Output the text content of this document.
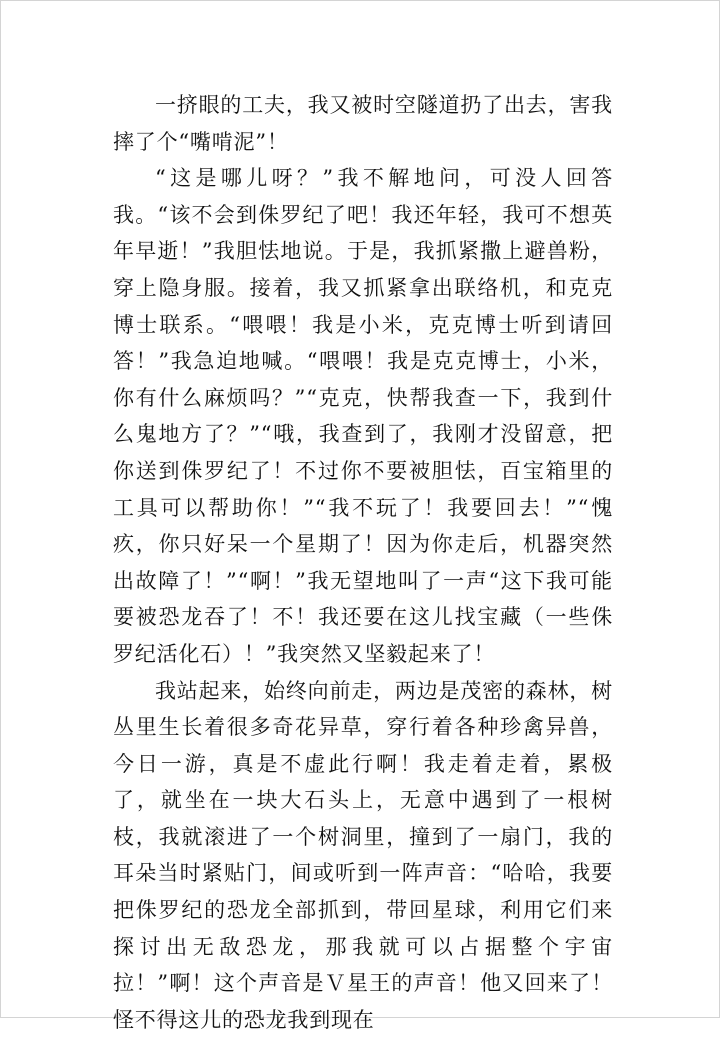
一挤眼的工夫，我又被时空隧道扔了出去，害我摔了个“嘴啃泥”！

“这是哪儿呀？”我不解地问，可没人回答我。“该不会到侏罗纪了吧！我还年轻，我可不想英年早逝！”我胆怯地说。于是，我抓紧撒上避兽粉，穿上隐身服。接着，我又抓紧拿出联络机，和克克博士联系。“喂喂！我是小米，克克博士听到请回答！”我急迫地喊。“喂喂！我是克克博士，小米，你有什么麻烦吗？”“克克，快帮我查一下，我到什么鬼地方了？”“哦，我查到了，我刚才没留意，把你送到侏罗纪了！不过你不要被胆怯，百宝箱里的工具可以帮助你！”“我不玩了！我要回去！”“愧疚，你只好呆一个星期了！因为你走后，机器突然出故障了！”“啊！”我无望地叫了一声“这下我可能要被恐龙吞了！不！我还要在这儿找宝藏（一些侏罗纪活化石）！”我突然又坚毅起来了！

我站起来，始终向前走，两边是茂密的森林，树丛里生长着很多奇花异草，穿行着各种珍禽异兽，今日一游，真是不虚此行啊！我走着走着，累极了，就坐在一块大石头上，无意中遇到了一根树枝，我就滚进了一个树洞里，撞到了一扇门，我的耳朵当时紧贴门，间或听到一阵声音：“哈哈，我要把侏罗纪的恐龙全部抓到，带回星球，利用它们来探讨出无敌恐龙，那我就可以占据整个宇宙拉！”啊！这个声音是Ｖ星王的声音！他又回来了！怪不得这儿的恐龙我到现在
